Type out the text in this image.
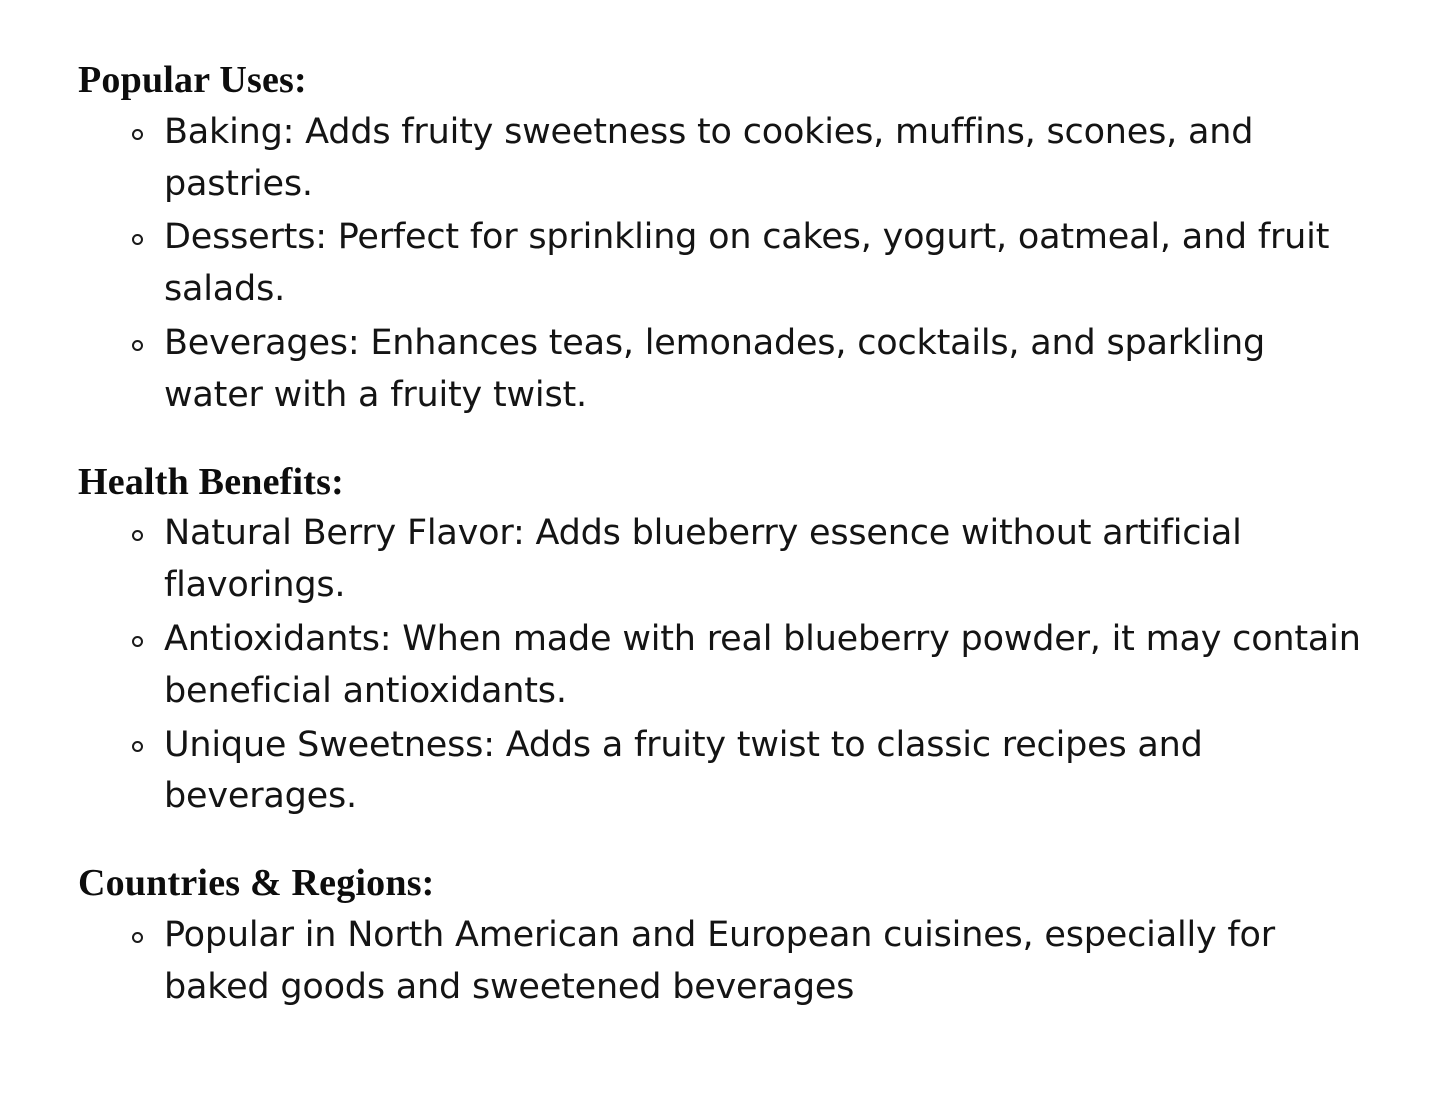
Popular Uses:
Baking: Adds fruity sweetness to cookies, muffins, scones, and pastries.
Desserts: Perfect for sprinkling on cakes, yogurt, oatmeal, and fruit salads.
Beverages: Enhances teas, lemonades, cocktails, and sparkling water with a fruity twist.
Health Benefits:
Natural Berry Flavor: Adds blueberry essence without artificial flavorings.
Antioxidants: When made with real blueberry powder, it may contain beneficial antioxidants.
Unique Sweetness: Adds a fruity twist to classic recipes and beverages.
Countries & Regions:
Popular in North American and European cuisines, especially for baked goods and sweetened beverages
